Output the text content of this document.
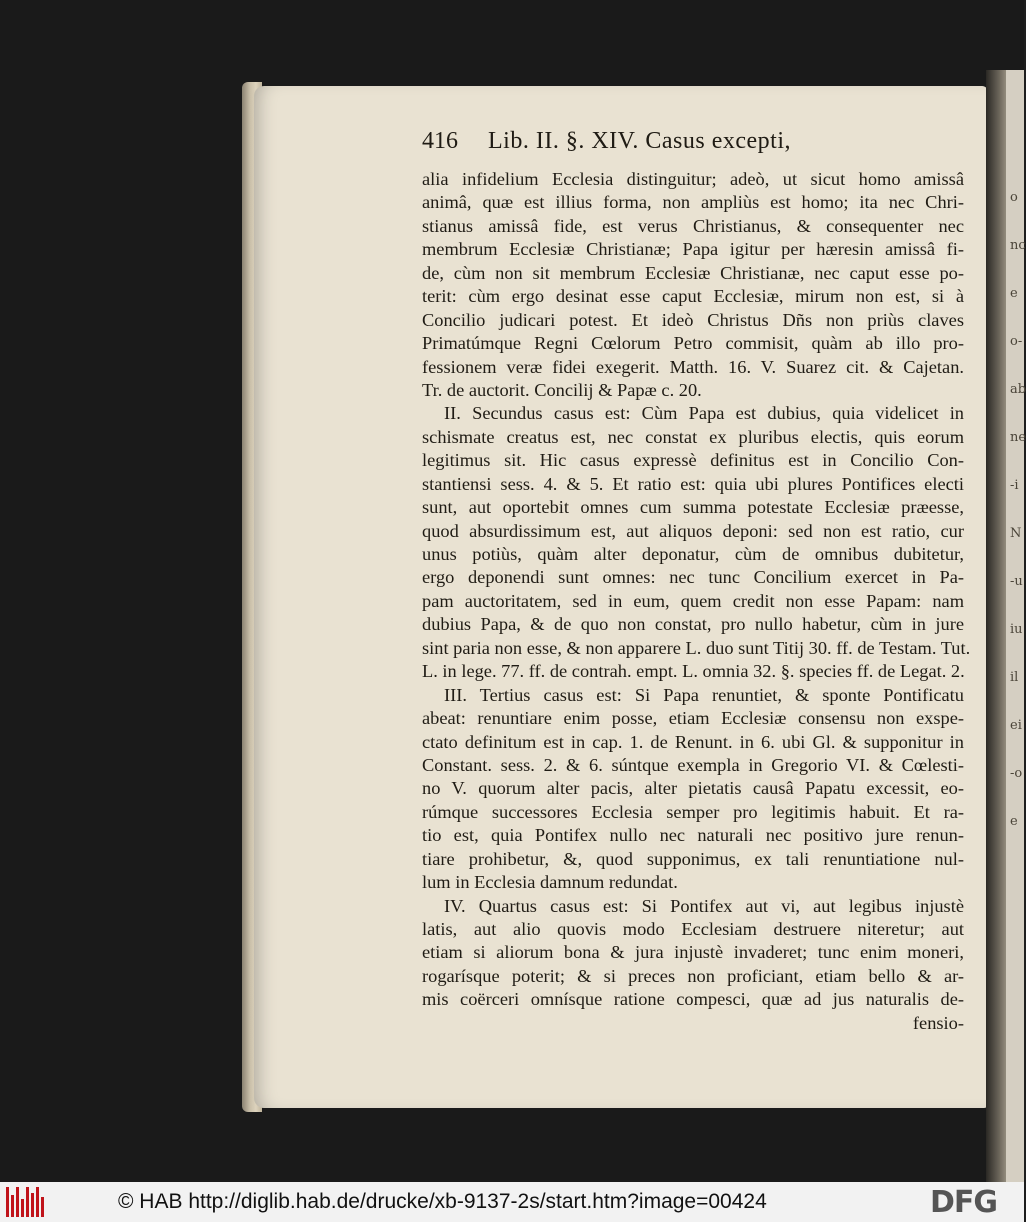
o
nc
e
o-
ab
ne
-i
N
-u
iu
il
ei
-o
e
416 Lib. II. §. XIV. Casus excepti,
alia infidelium Ecclesia distinguitur; adeò, ut sicut homo amissâ
animâ, quæ est illius forma, non ampliùs est homo; ita nec Chri-
stianus amissâ fide, est verus Christianus, & consequenter nec
membrum Ecclesiæ Christianæ; Papa igitur per hæresin amissâ fi-
de, cùm non sit membrum Ecclesiæ Christianæ, nec caput esse po-
terit: cùm ergo desinat esse caput Ecclesiæ, mirum non est, si à
Concilio judicari potest. Et ideò Christus Dñs non priùs claves
Primatúmque Regni Cœlorum Petro commisit, quàm ab illo pro-
fessionem veræ fidei exegerit. Matth. 16. V. Suarez cit. & Cajetan.
Tr. de auctorit. Concilij & Papæ c. 20.
II. Secundus casus est: Cùm Papa est dubius, quia videlicet in
schismate creatus est, nec constat ex pluribus electis, quis eorum
legitimus sit. Hic casus expressè definitus est in Concilio Con-
stantiensi sess. 4. & 5. Et ratio est: quia ubi plures Pontifices electi
sunt, aut oportebit omnes cum summa potestate Ecclesiæ præesse,
quod absurdissimum est, aut aliquos deponi: sed non est ratio, cur
unus potiùs, quàm alter deponatur, cùm de omnibus dubitetur,
ergo deponendi sunt omnes: nec tunc Concilium exercet in Pa-
pam auctoritatem, sed in eum, quem credit non esse Papam: nam
dubius Papa, & de quo non constat, pro nullo habetur, cùm in jure
sint paria non esse, & non apparere L. duo sunt Titij 30. ff. de Testam. Tut.
L. in lege. 77. ff. de contrah. empt. L. omnia 32. §. species ff. de Legat. 2.
III. Tertius casus est: Si Papa renuntiet, & sponte Pontificatu
abeat: renuntiare enim posse, etiam Ecclesiæ consensu non exspe-
ctato definitum est in cap. 1. de Renunt. in 6. ubi Gl. & supponitur in
Constant. sess. 2. & 6. súntque exempla in Gregorio VI. & Cœlesti-
no V. quorum alter pacis, alter pietatis causâ Papatu excessit, eo-
rúmque successores Ecclesia semper pro legitimis habuit. Et ra-
tio est, quia Pontifex nullo nec naturali nec positivo jure renun-
tiare prohibetur, &, quod supponimus, ex tali renuntiatione nul-
lum in Ecclesia damnum redundat.
IV. Quartus casus est: Si Pontifex aut vi, aut legibus injustè
latis, aut alio quovis modo Ecclesiam destruere niteretur; aut
etiam si aliorum bona & jura injustè invaderet; tunc enim moneri,
rogarísque poterit; & si preces non proficiant, etiam bello & ar-
mis coërceri omnísque ratione compesci, quæ ad jus naturalis de-
fensio-
© HAB http://diglib.hab.de/drucke/xb-9137-2s/start.htm?image=00424	DFG
